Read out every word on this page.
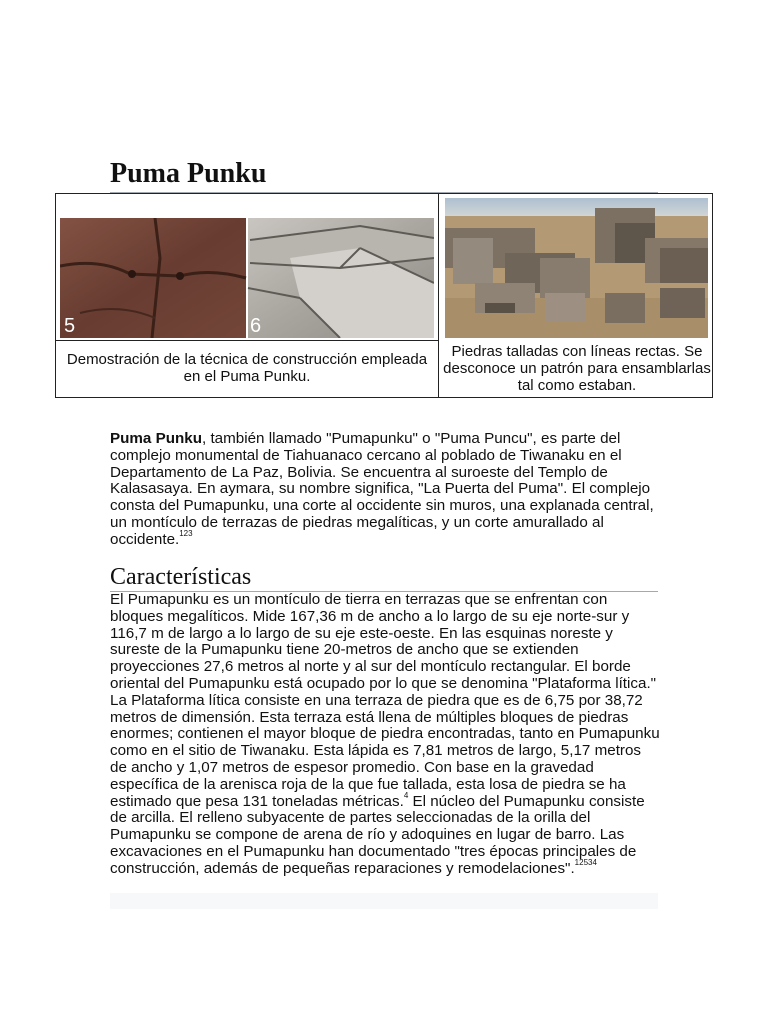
Puma Punku
5	6
Demostración de la técnica de construcción empleada en el Puma Punku.
Piedras talladas con líneas rectas. Se desconoce un patrón para ensamblarlas tal como estaban.

Puma Punku, también llamado "Pumapunku" o "Puma Puncu", es parte del complejo monumental de Tiahuanaco cercano al poblado de Tiwanaku en el Departamento de La Paz, Bolivia. Se encuentra al suroeste del Templo de Kalasasaya. En aymara, su nombre significa, "La Puerta del Puma". El complejo consta del Pumapunku, una corte al occidente sin muros, una explanada central, un montículo de terrazas de piedras megalíticas, y un corte amurallado al occidente.$^{123}$

Características

El Pumapunku es un montículo de tierra en terrazas que se enfrentan con bloques megalíticos. Mide 167,36 m de ancho a lo largo de su eje norte-sur y 116,7 m de largo a lo largo de su eje este-oeste. En las esquinas noreste y sureste de la Pumapunku tiene 20-metros de ancho que se extienden proyecciones 27,6 metros al norte y al sur del montículo rectangular. El borde oriental del Pumapunku está ocupado por lo que se denomina "Plataforma lítica." La Plataforma lítica consiste en una terraza de piedra que es de 6,75 por 38,72 metros de dimensión. Esta terraza está llena de múltiples bloques de piedras enormes; contienen el mayor bloque de piedra encontradas, tanto en Pumapunku como en el sitio de Tiwanaku. Esta lápida es 7,81 metros de largo, 5,17 metros de ancho y 1,07 metros de espesor promedio. Con base en la gravedad específica de la arenisca roja de la que fue tallada, esta losa de piedra se ha estimado que pesa 131 toneladas métricas.$^4$ El núcleo del Pumapunku consiste de arcilla. El relleno subyacente de partes seleccionadas de la orilla del Pumapunku se compone de arena de río y adoquines en lugar de barro. Las excavaciones en el Pumapunku han documentado "tres épocas principales de construcción, además de pequeñas reparaciones y remodelaciones".$^{12534}$
